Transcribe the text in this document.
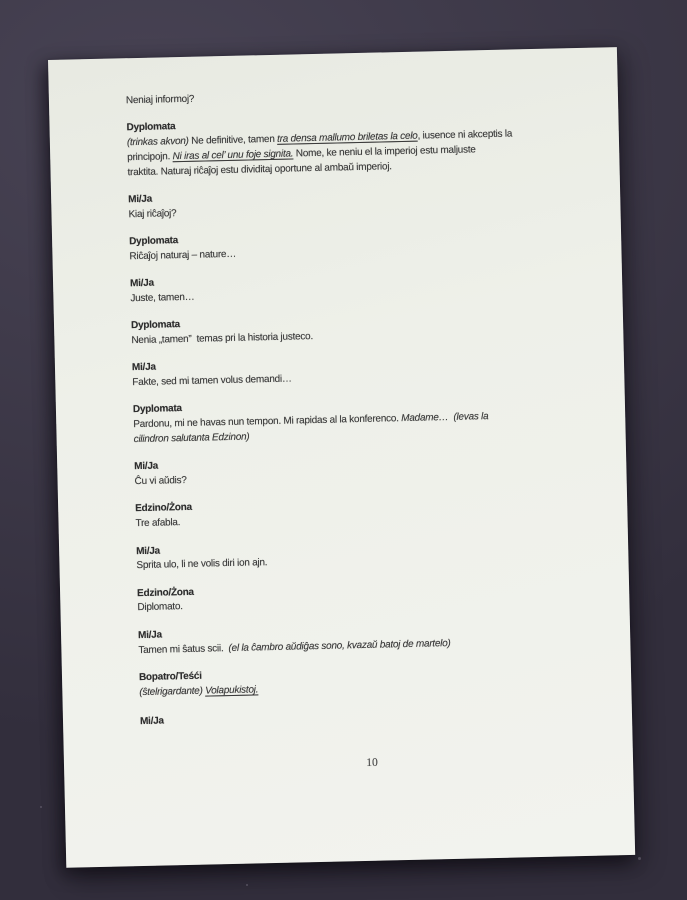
Neniaj informoj?
Dyplomata
(trinkas akvon) Ne definitive, tamen tra densa mallumo briletas la celo, iusence ni akceptis la
principojn. Ni iras al cel’ unu foje signita. Nome, ke neniu el la imperioj estu maljuste
traktita. Naturaj riĉaĵoj estu dividitaj oportune al ambaŭ imperioj.
Mi/Ja
Kiaj riĉaĵoj?
Dyplomata
Riĉaĵoj naturaj – nature…
Mi/Ja
Juste, tamen…
Dyplomata
Nenia „tamen”  temas pri la historia justeco.
Mi/Ja
Fakte, sed mi tamen volus demandi…
Dyplomata
Pardonu, mi ne havas nun tempon. Mi rapidas al la konferenco. Madame…  (levas la
cilindron salutanta Edzinon)
Mi/Ja
Ĉu vi aŭdis?
Edzino/Żona
Tre afabla.
Mi/Ja
Sprita ulo, li ne volis diri ion ajn.
Edzino/Żona
Diplomato.
Mi/Ja
Tamen mi ŝatus scii.  (el la ĉambro aŭdiĝas sono, kvazaŭ batoj de martelo)
Bopatro/Teśći
(ŝtelrigardante) Volapukistoj.
Mi/Ja
10
